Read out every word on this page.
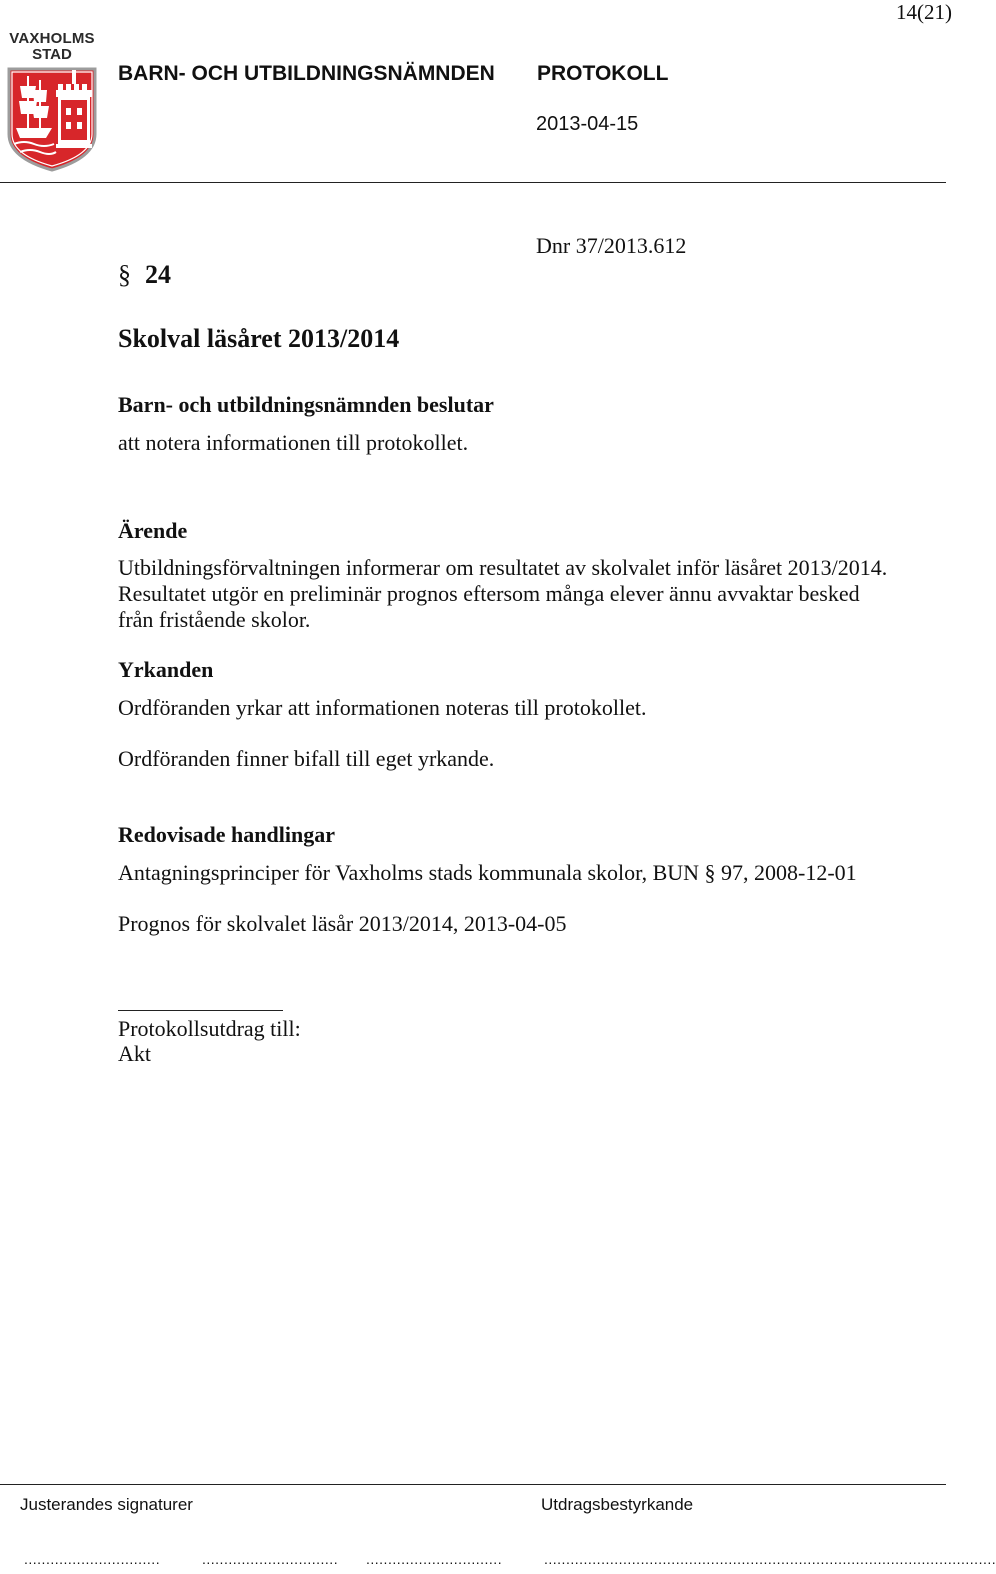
14(21)
VAXHOLMS
STAD
BARN- OCH UTBILDNINGSNÄMNDEN PROTOKOLL
2013-04-15
Dnr 37/2013.612
§ 24
Skolval läsåret 2013/2014
Barn- och utbildningsnämnden beslutar
att notera informationen till protokollet.
Ärende
Utbildningsförvaltningen informerar om resultatet av skolvalet inför läsåret 2013/2014. Resultatet utgör en preliminär prognos eftersom många elever ännu avvaktar besked från fristående skolor.
Yrkanden
Ordföranden yrkar att informationen noteras till protokollet.
Ordföranden finner bifall till eget yrkande.
Redovisade handlingar
Antagningsprinciper för Vaxholms stads kommunala skolor, BUN § 97, 2008-12-01
Prognos för skolvalet läsår 2013/2014, 2013-04-05
Protokollsutdrag till:
Akt
Justerandes signaturer	Utdragsbestyrkande
...............................	............................... ...............................	.......................................................................................................
